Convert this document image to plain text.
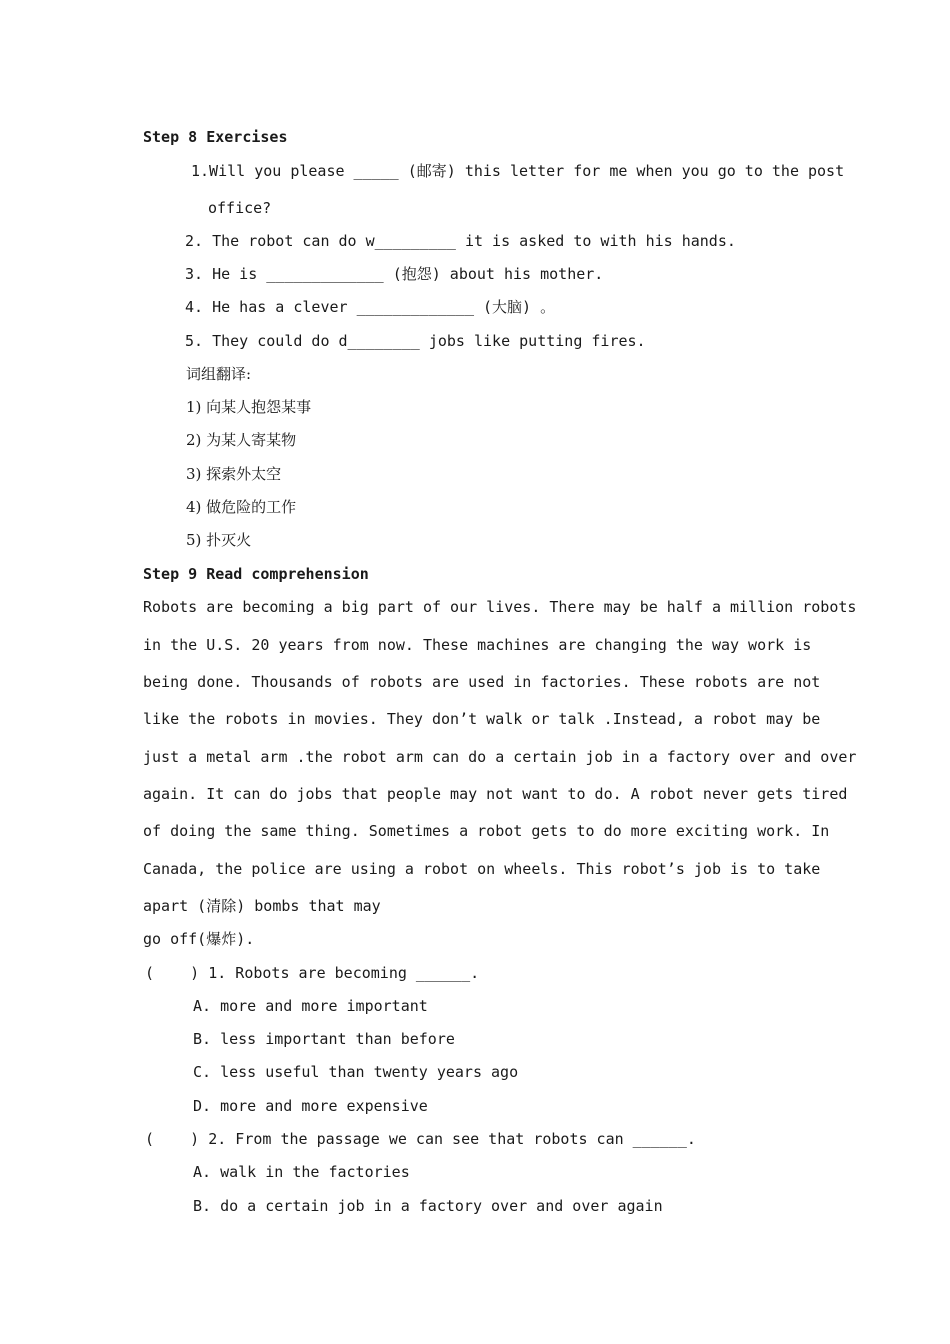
Step 8 Exercises
1.Will you please _____ (邮寄) this letter for me when you go to the post
office?
2. The robot can do w_________ it is asked to with his hands.
3. He is _____________ (抱怨) about his mother.
4. He has a clever _____________ (大脑) 。
5. They could do d________ jobs like putting fires.
词组翻译:
1) 向某人抱怨某事
2) 为某人寄某物
3) 探索外太空
4) 做危险的工作
5) 扑灭火
Step 9 Read comprehension
Robots are becoming a big part of our lives. There may be half a million robots
in the U.S. 20 years from now. These machines are changing the way work is
being done. Thousands of robots are used in factories. These robots are not
like the robots in movies. They don’t walk or talk .Instead, a robot may be
just a metal arm .the robot arm can do a certain job in a factory over and over
again. It can do jobs that people may not want to do. A robot never gets tired
of doing the same thing. Sometimes a robot gets to do more exciting work. In
Canada, the police are using a robot on wheels. This robot’s job is to take
apart (清除) bombs that may
go off(爆炸).
(    ) 1. Robots are becoming ______.
A. more and more important
B. less important than before
C. less useful than twenty years ago
D. more and more expensive
(    ) 2. From the passage we can see that robots can ______.
A. walk in the factories
B. do a certain job in a factory over and over again
